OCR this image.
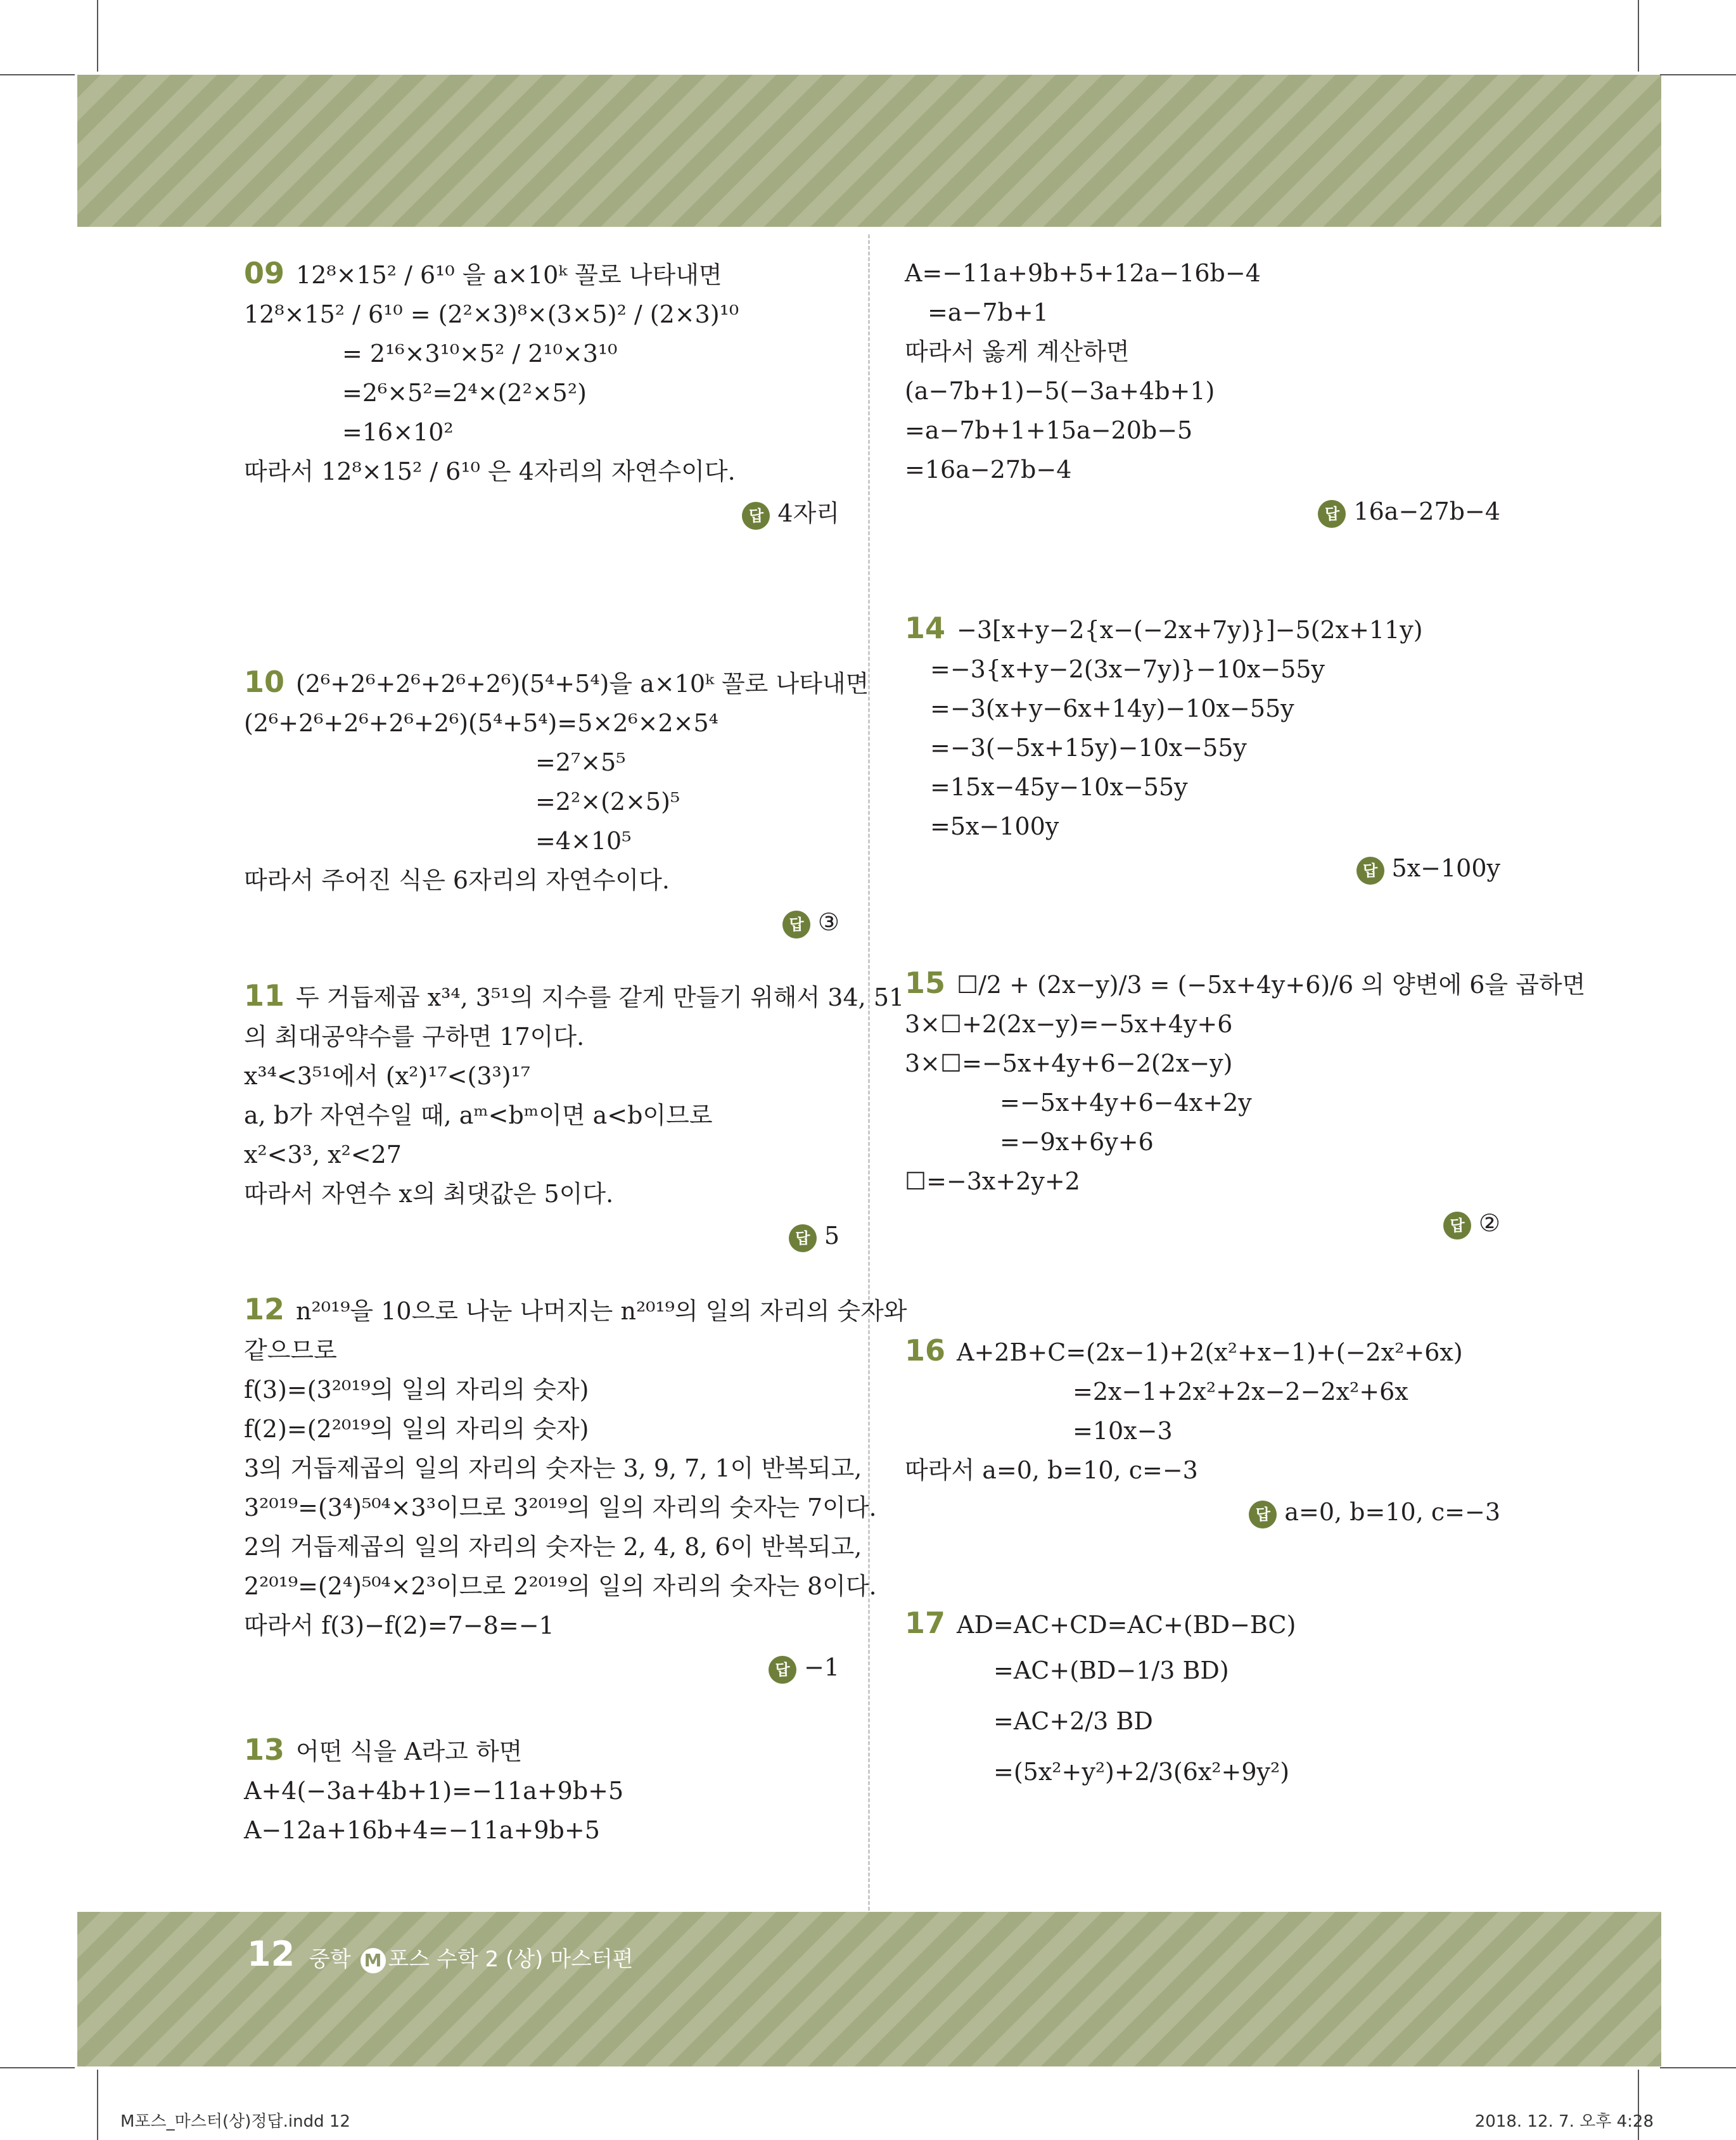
09 12⁸×15² / 6¹⁰ 을 a×10ᵏ 꼴로 나타내면
12⁸×15² / 6¹⁰ = (2²×3)⁸×(3×5)² / (2×3)¹⁰
= 2¹⁶×3¹⁰×5² / 2¹⁰×3¹⁰
=2⁶×5²=2⁴×(2²×5²)
=16×10²
따라서 12⁸×15² / 6¹⁰ 은 4자리의 자연수이다.
답 4자리
10 (2⁶+2⁶+2⁶+2⁶+2⁶)(5⁴+5⁴)을 a×10ᵏ 꼴로 나타내면
(2⁶+2⁶+2⁶+2⁶+2⁶)(5⁴+5⁴)=5×2⁶×2×5⁴
=2⁷×5⁵
=2²×(2×5)⁵
=4×10⁵
따라서 주어진 식은 6자리의 자연수이다.
답 ③
11 두 거듭제곱 x³⁴, 3⁵¹의 지수를 같게 만들기 위해서 34, 51
의 최대공약수를 구하면 17이다.
x³⁴<3⁵¹에서 (x²)¹⁷<(3³)¹⁷
a, b가 자연수일 때, aᵐ<bᵐ이면 a<b이므로
x²<3³, x²<27
따라서 자연수 x의 최댓값은 5이다.
답 5
12 n²⁰¹⁹을 10으로 나눈 나머지는 n²⁰¹⁹의 일의 자리의 숫자와
같으므로
f(3)=(3²⁰¹⁹의 일의 자리의 숫자)
f(2)=(2²⁰¹⁹의 일의 자리의 숫자)
3의 거듭제곱의 일의 자리의 숫자는 3, 9, 7, 1이 반복되고,
3²⁰¹⁹=(3⁴)⁵⁰⁴×3³이므로 3²⁰¹⁹의 일의 자리의 숫자는 7이다.
2의 거듭제곱의 일의 자리의 숫자는 2, 4, 8, 6이 반복되고,
2²⁰¹⁹=(2⁴)⁵⁰⁴×2³이므로 2²⁰¹⁹의 일의 자리의 숫자는 8이다.
따라서 f(3)−f(2)=7−8=−1
답 −1
13 어떤 식을 A라고 하면
A+4(−3a+4b+1)=−11a+9b+5
A−12a+16b+4=−11a+9b+5
A=−11a+9b+5+12a−16b−4
=a−7b+1
따라서 옳게 계산하면
(a−7b+1)−5(−3a+4b+1)
=a−7b+1+15a−20b−5
=16a−27b−4
답 16a−27b−4
14 −3[x+y−2{x−(−2x+7y)}]−5(2x+11y)
=−3{x+y−2(3x−7y)}−10x−55y
=−3(x+y−6x+14y)−10x−55y
=−3(−5x+15y)−10x−55y
=15x−45y−10x−55y
=5x−100y
답 5x−100y
15 ☐/2 + (2x−y)/3 = (−5x+4y+6)/6 의 양변에 6을 곱하면
3×☐+2(2x−y)=−5x+4y+6
3×☐=−5x+4y+6−2(2x−y)
=−5x+4y+6−4x+2y
=−9x+6y+6
☐=−3x+2y+2
답 ②
16 A+2B+C=(2x−1)+2(x²+x−1)+(−2x²+6x)
=2x−1+2x²+2x−2−2x²+6x
=10x−3
따라서 a=0, b=10, c=−3
답 a=0, b=10, c=−3
17 AD=AC+CD=AC+(BD−BC)
=AC+(BD−1/3 BD)
=AC+2/3 BD
=(5x²+y²)+2/3(6x²+9y²)
12 중학 M 포스 수학 2 (상) 마스터편
M포스_마스터(상)정답.indd 12	2018. 12. 7. 오후 4:28
